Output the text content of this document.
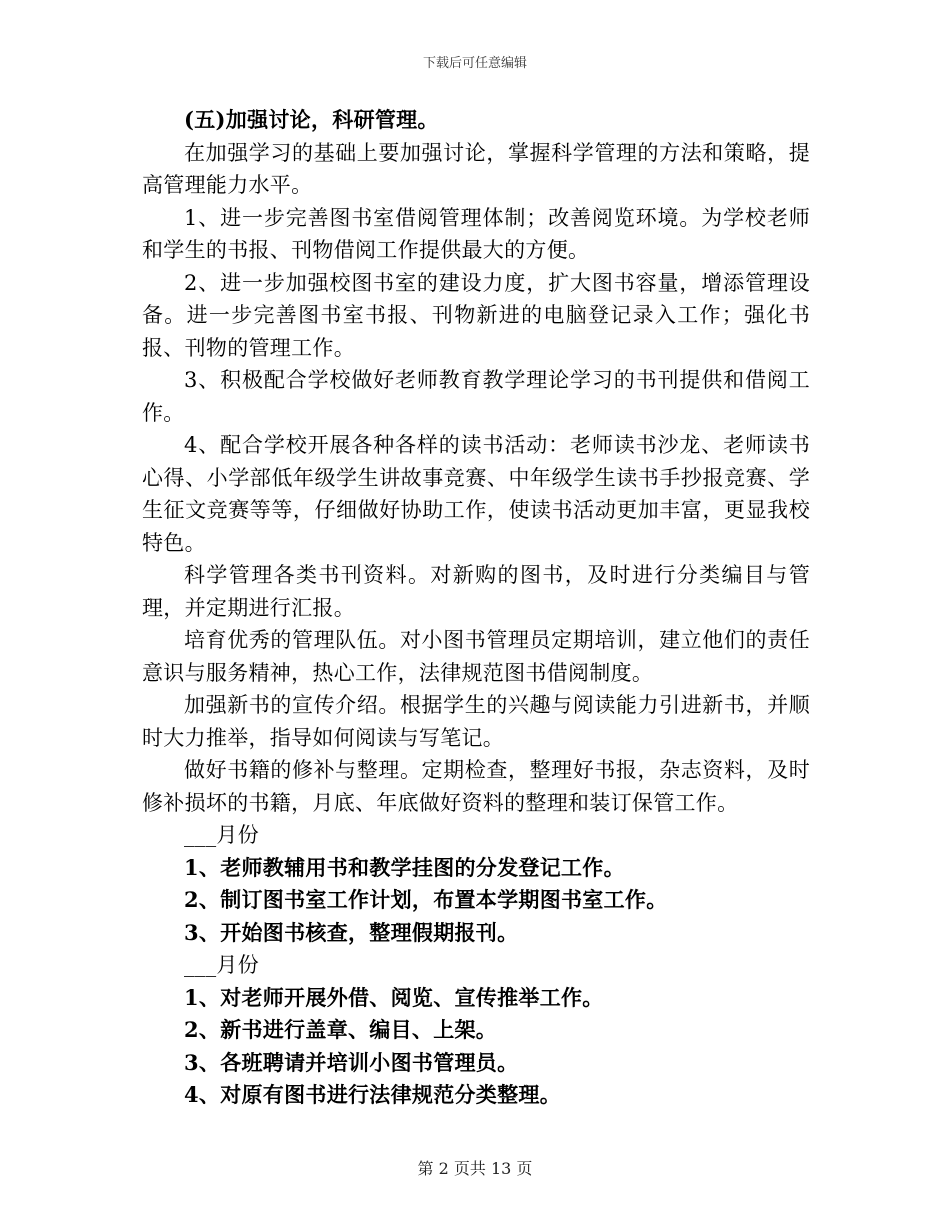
下载后可任意编辑

(五)加强讨论，科研管理。

在加强学习的基础上要加强讨论，掌握科学管理的方法和策略，提高管理能力水平。

1、进一步完善图书室借阅管理体制；改善阅览环境。为学校老师和学生的书报、刊物借阅工作提供最大的方便。

2、进一步加强校图书室的建设力度，扩大图书容量，增添管理设备。进一步完善图书室书报、刊物新进的电脑登记录入工作；强化书报、刊物的管理工作。

3、积极配合学校做好老师教育教学理论学习的书刊提供和借阅工作。

4、配合学校开展各种各样的读书活动：老师读书沙龙、老师读书心得、小学部低年级学生讲故事竞赛、中年级学生读书手抄报竞赛、学生征文竞赛等等，仔细做好协助工作，使读书活动更加丰富，更显我校特色。

科学管理各类书刊资料。对新购的图书，及时进行分类编目与管理，并定期进行汇报。

培育优秀的管理队伍。对小图书管理员定期培训，建立他们的责任意识与服务精神，热心工作，法律规范图书借阅制度。

加强新书的宣传介绍。根据学生的兴趣与阅读能力引进新书，并顺时大力推举，指导如何阅读与写笔记。

做好书籍的修补与整理。定期检查，整理好书报，杂志资料，及时修补损坏的书籍，月底、年底做好资料的整理和装订保管工作。

___月份

1、老师教辅用书和教学挂图的分发登记工作。

2、制订图书室工作计划，布置本学期图书室工作。

3、开始图书核查，整理假期报刊。

___月份

1、对老师开展外借、阅览、宣传推举工作。

2、新书进行盖章、编目、上架。

3、各班聘请并培训小图书管理员。

4、对原有图书进行法律规范分类整理。

第 2 页共 13 页
